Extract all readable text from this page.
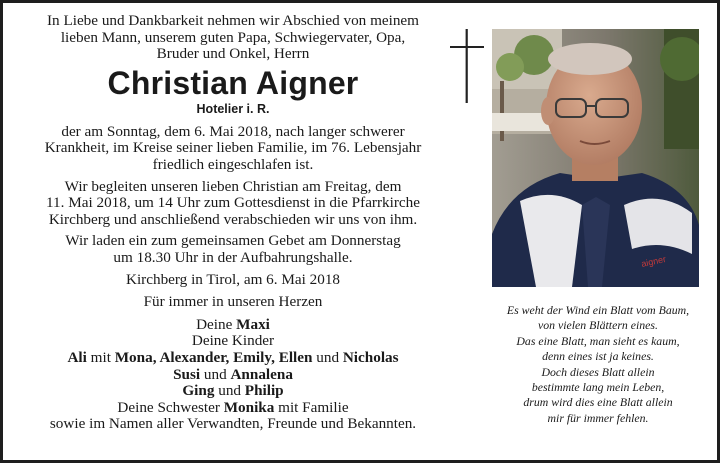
In Liebe und Dankbarkeit nehmen wir Abschied von meinem
lieben Mann, unserem guten Papa, Schwiegervater, Opa,
Bruder und Onkel, Herrn

Christian Aigner

Hotelier i. R.

der am Sonntag, dem 6. Mai 2018, nach langer schwerer
Krankheit, im Kreise seiner lieben Familie, im 76. Lebensjahr
friedlich eingeschlafen ist.

Wir begleiten unseren lieben Christian am Freitag, dem
11. Mai 2018, um 14 Uhr zum Gottesdienst in die Pfarrkirche
Kirchberg und anschließend verabschieden wir uns von ihm.

Wir laden ein zum gemeinsamen Gebet am Donnerstag
um 18.30 Uhr in der Aufbahrungshalle.

Kirchberg in Tirol, am 6. Mai 2018

Für immer in unseren Herzen

Deine Maxi

Deine Kinder

Ali mit Mona, Alexander, Emily, Ellen und Nicholas

Susi und Annalena

Ging und Philip

Deine Schwester Monika mit Familie

sowie im Namen aller Verwandten, Freunde und Bekannten.

aigner

Es weht der Wind ein Blatt vom Baum,

von vielen Blättern eines.

Das eine Blatt, man sieht es kaum,

denn eines ist ja keines.

Doch dieses Blatt allein

bestimmte lang mein Leben,

drum wird dies eine Blatt allein

mir für immer fehlen.
